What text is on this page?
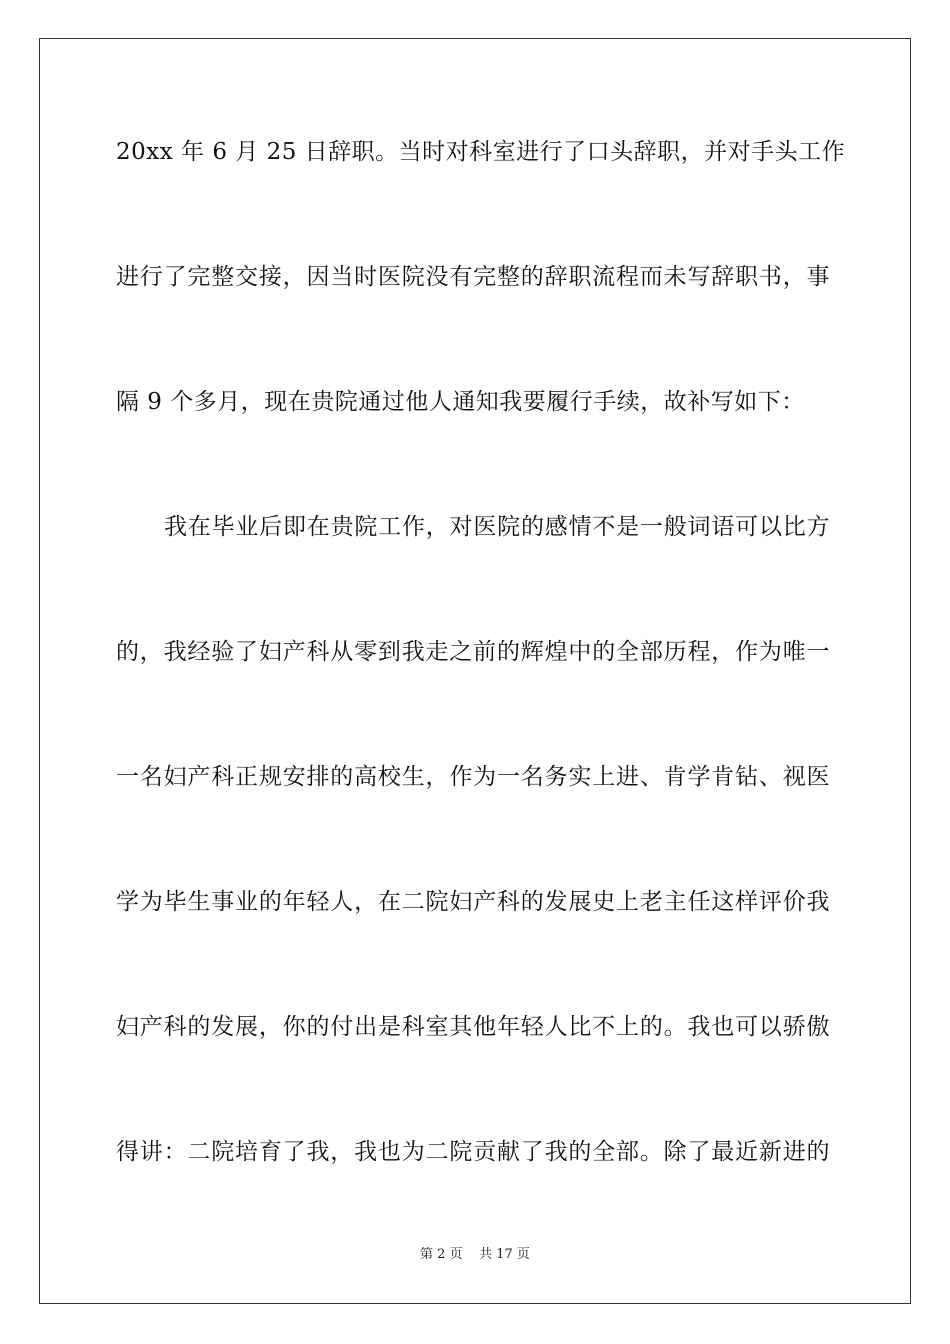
20xx 年 6 月 25 日辞职。当时对科室进行了口头辞职，并对手头工作
进行了完整交接，因当时医院没有完整的辞职流程而未写辞职书，事
隔 9 个多月，现在贵院通过他人通知我要履行手续，故补写如下：
我在毕业后即在贵院工作，对医院的感情不是一般词语可以比方
的，我经验了妇产科从零到我走之前的辉煌中的全部历程，作为唯一
一名妇产科正规安排的高校生，作为一名务实上进、肯学肯钻、视医
学为毕生事业的年轻人，在二院妇产科的发展史上老主任这样评价我
妇产科的发展，你的付出是科室其他年轻人比不上的。我也可以骄傲
得讲：二院培育了我，我也为二院贡献了我的全部。除了最近新进的
第 2 页 共 17 页
